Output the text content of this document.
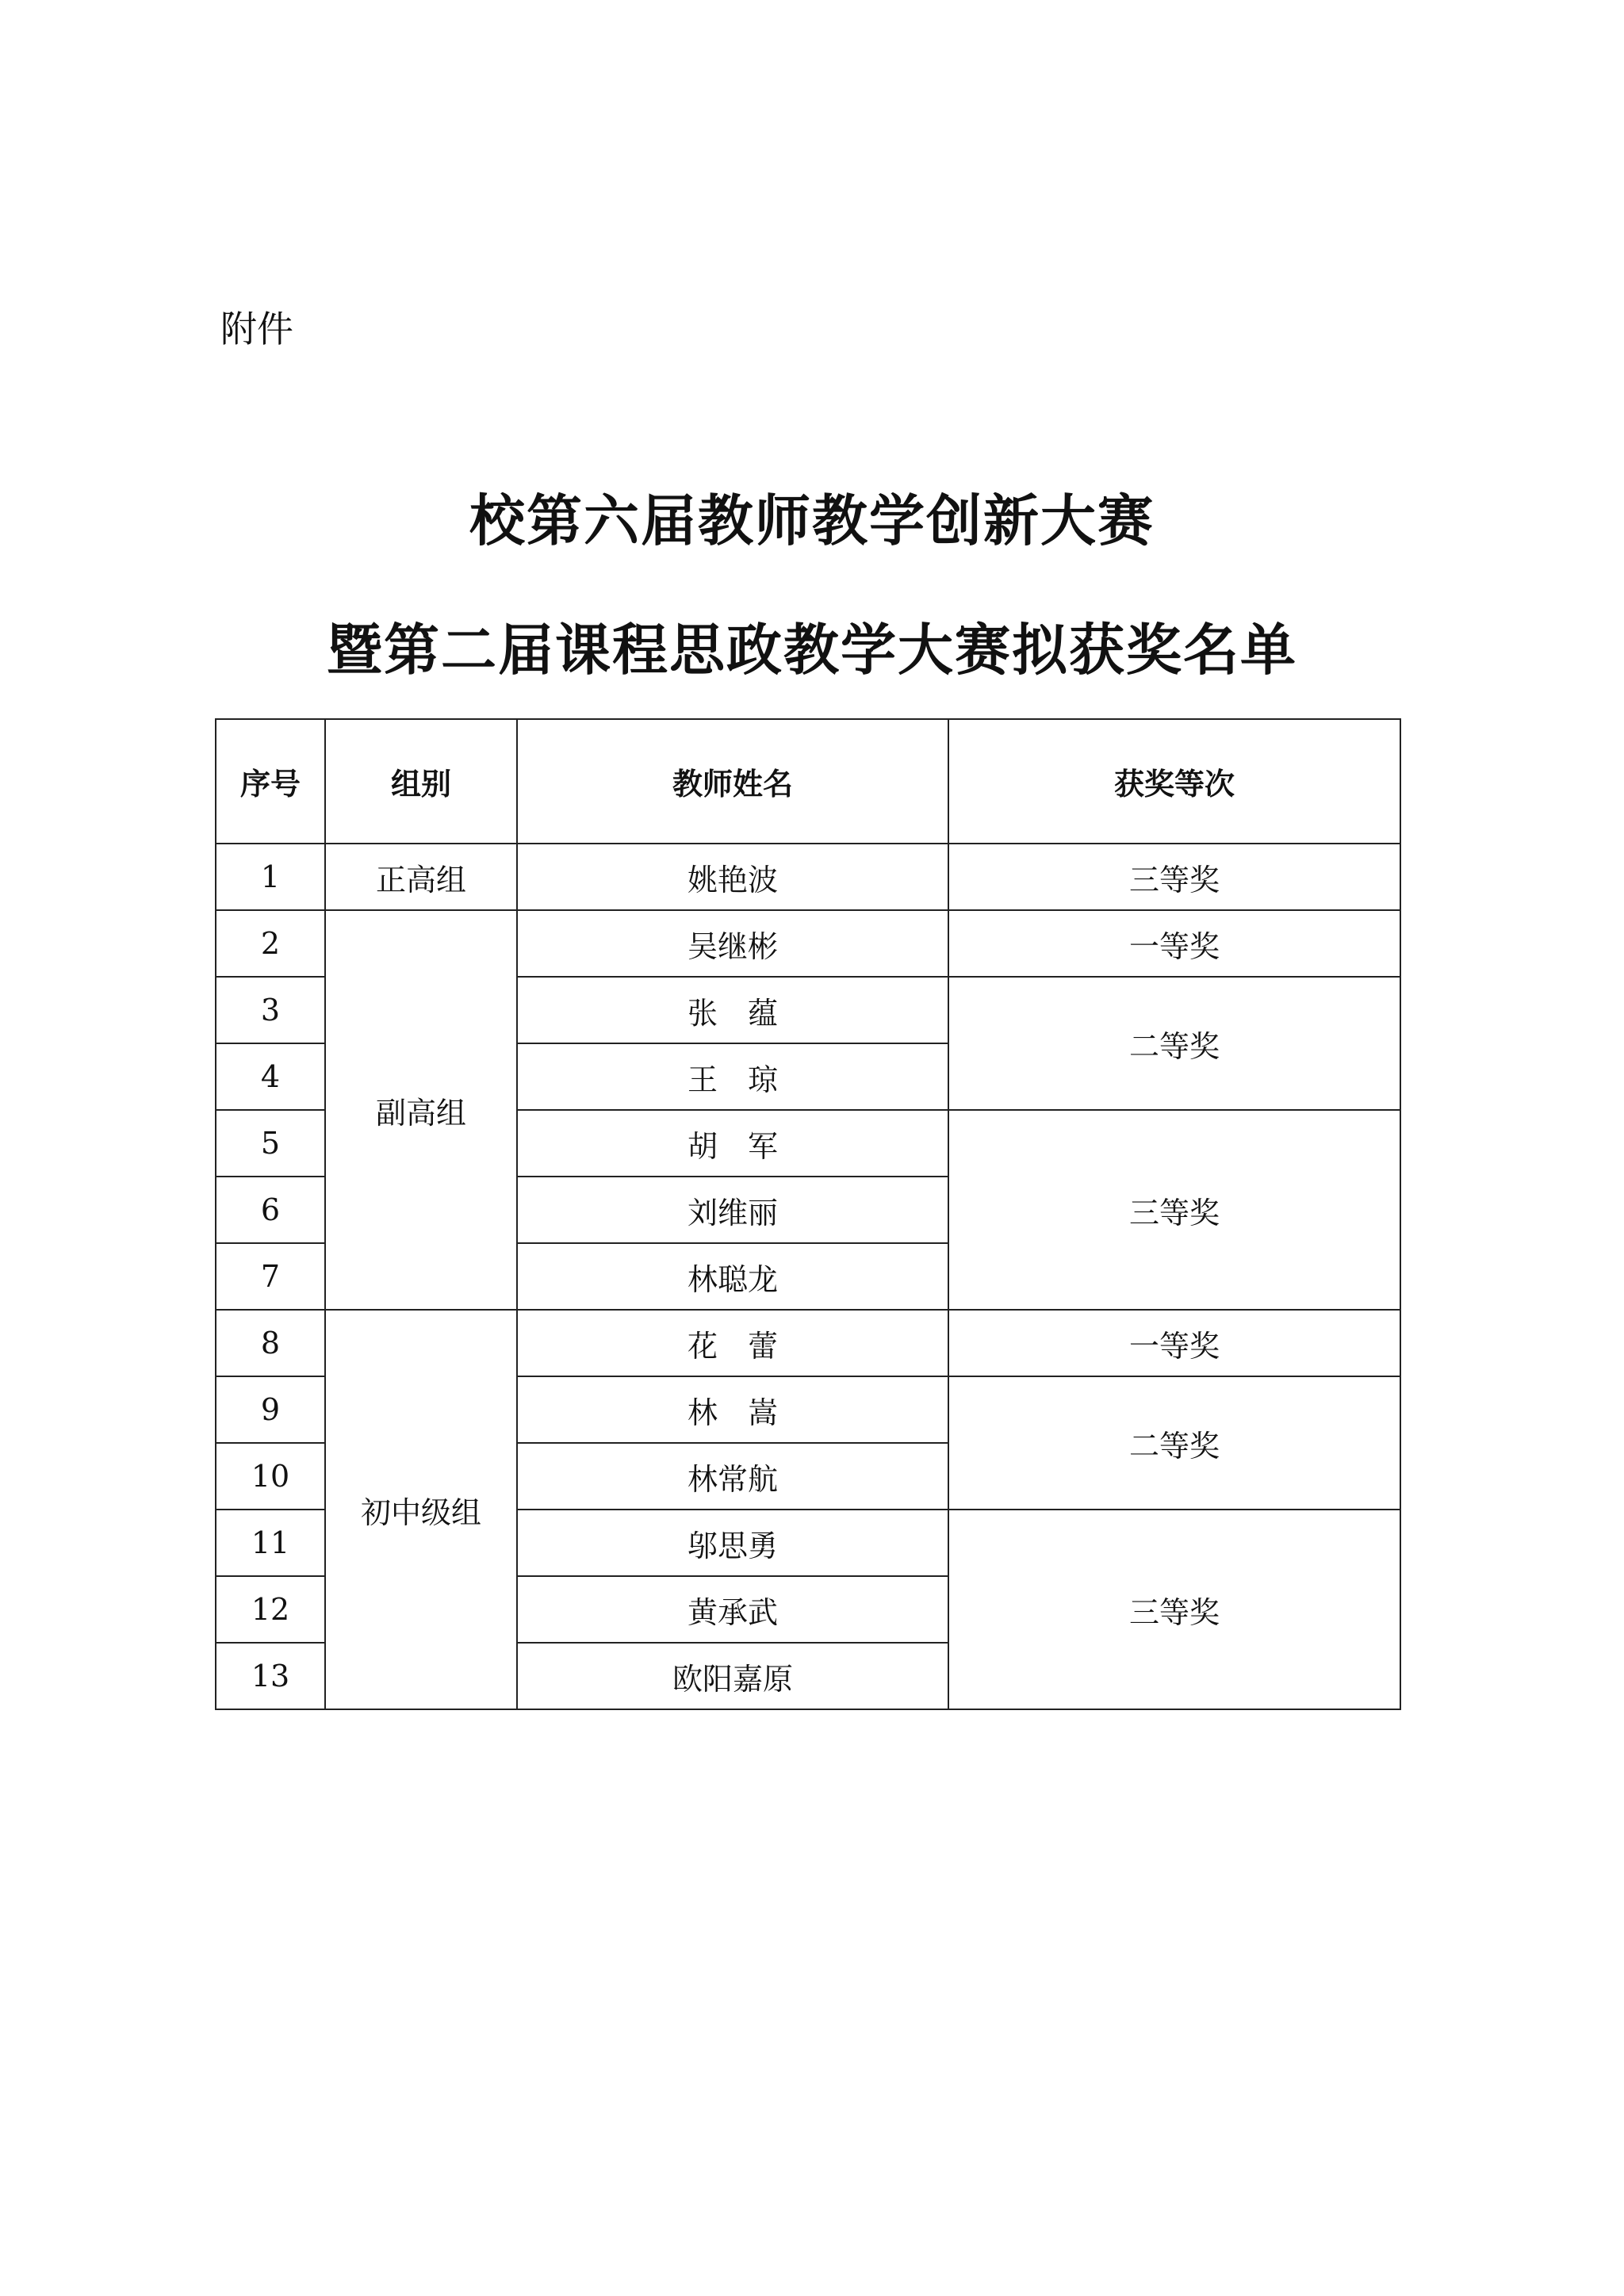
附件
校第六届教师教学创新大赛
暨第二届课程思政教学大赛拟获奖名单
序号	组别	教师姓名	获奖等次
1	正高组	姚艳波	三等奖
2	副高组	吴继彬	一等奖
3		张　蕴	二等奖
4		王　琼	
5		胡　军	三等奖
6		刘维丽	
7		林聪龙	
8	初中级组	花　蕾	一等奖
9		林　嵩	二等奖
10		林常航	
11		邬思勇	三等奖
12		黄承武	
13		欧阳嘉原	
